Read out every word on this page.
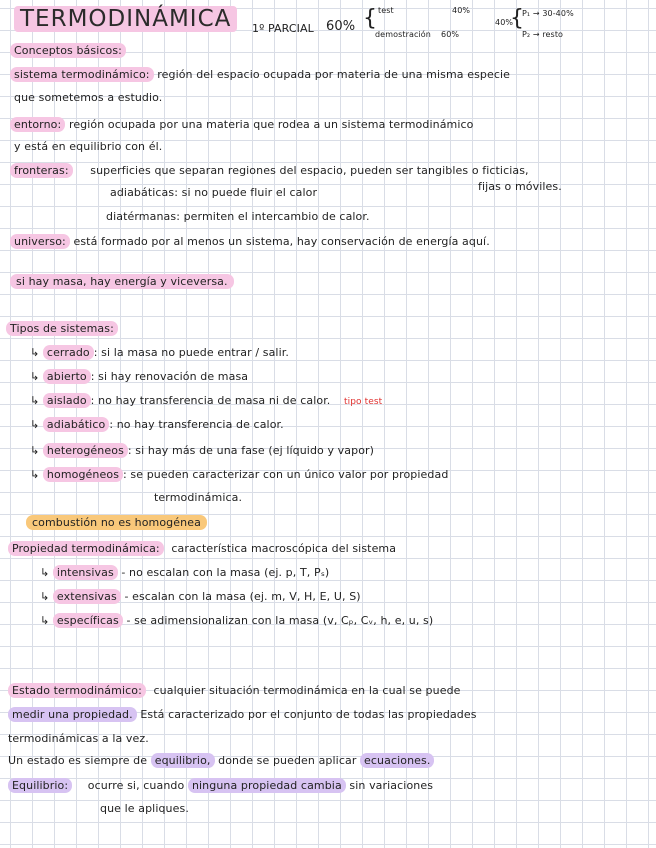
TERMODINÁMICA	1º PARCIAL 60% { test	40%
demostración 60%
40%
{
P₁ → 30-40%
P₂ → resto
Conceptos básicos:
sistema termodinámico: región del espacio ocupada por materia de una misma especie
que sometemos a estudio.
entorno: región ocupada por una materia que rodea a un sistema termodinámico
y está en equilibrio con él.
fronteras: superficies que separan regiones del espacio, pueden ser tangibles o ficticias,
adiabáticas: si no puede fluir el calor	fijas o móviles.
diatérmanas: permiten el intercambio de calor.
universo: está formado por al menos un sistema, hay conservación de energía aquí.
si hay masa, hay energía y viceversa.
Tipos de sistemas:
↳ cerrado : si la masa no puede entrar / salir.
↳ abierto : si hay renovación de masa
↳ aislado : no hay transferencia de masa ni de calor. tipo test
↳ adiabático : no hay transferencia de calor.
↳ heterogéneos : si hay más de una fase (ej líquido y vapor)
↳ homogéneos : se pueden caracterizar con un único valor por propiedad
termodinámica.
combustión no es homogénea
Propiedad termodinámica: característica macroscópica del sistema
↳ intensivas - no escalan con la masa (ej. p, T, Pₛ)
↳ extensivas - escalan con la masa (ej. m, V, H, E, U, S)
↳ específicas - se adimensionalizan con la masa (v, Cₚ, Cᵥ, h, e, u, s)
Estado termodinámico: cualquier situación termodinámica en la cual se puede
medir una propiedad. Está caracterizado por el conjunto de todas las propiedades
termodinámicas a la vez.
Un estado es siempre de equilibrio, donde se pueden aplicar ecuaciones.
Equilibrio: ocurre si, cuando ninguna propiedad cambia sin variaciones
que le apliques.
